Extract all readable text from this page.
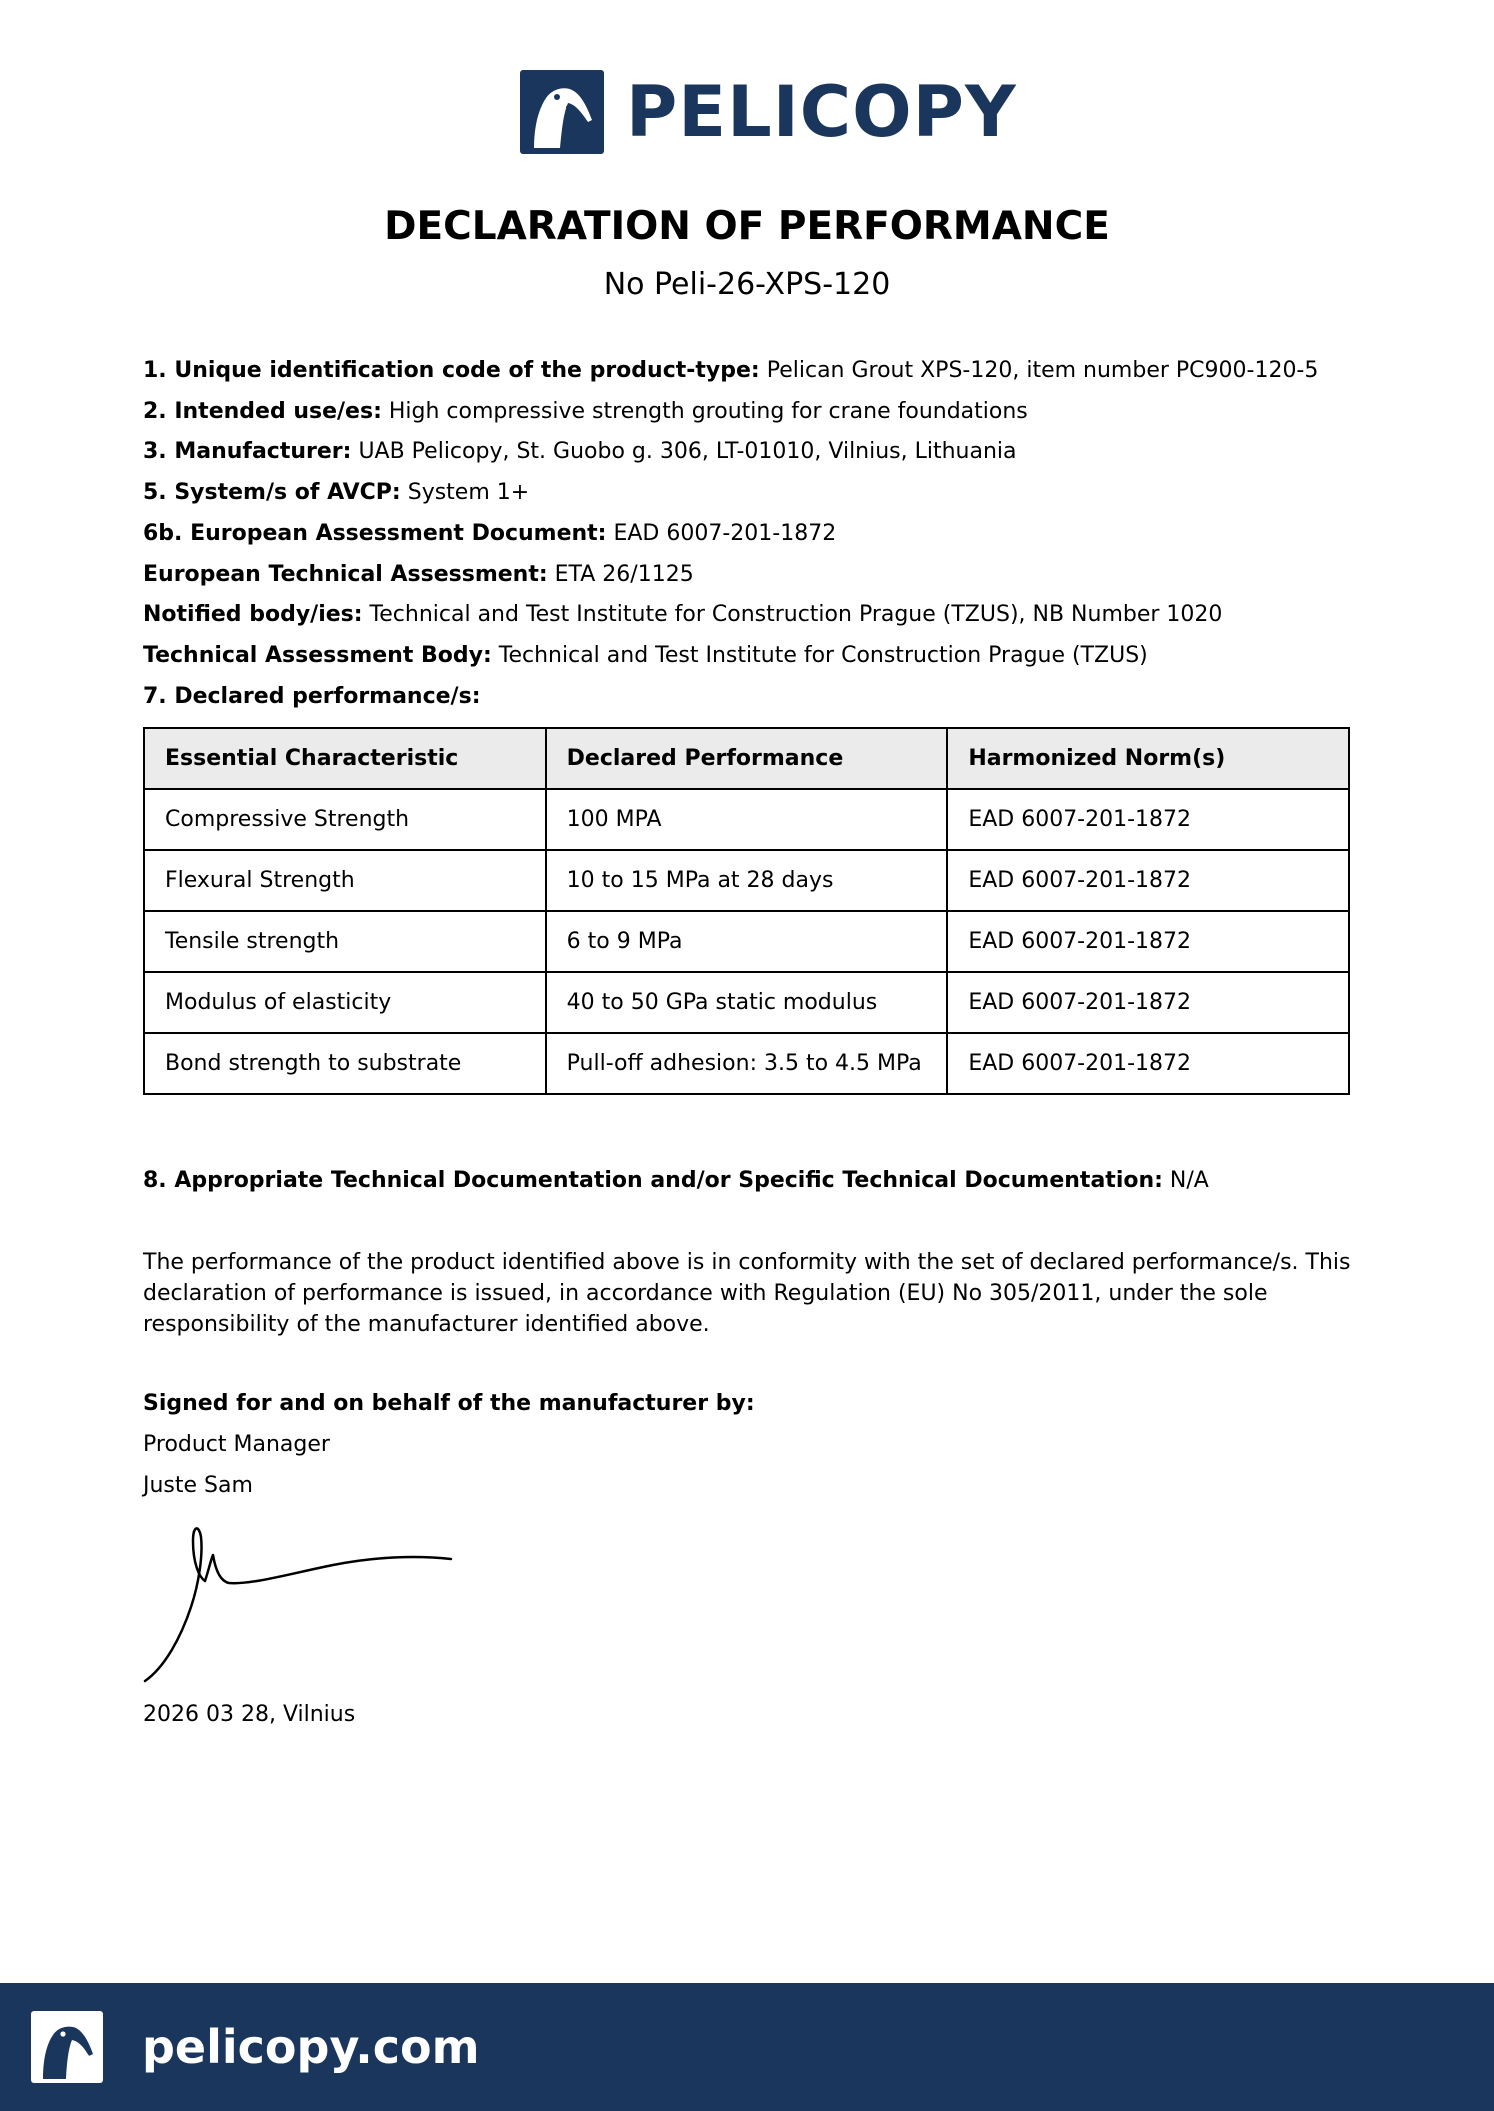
PELICOPY
DECLARATION OF PERFORMANCE
No Peli-26-XPS-120
1. Unique identification code of the product-type: Pelican Grout XPS-120, item number PC900-120-5
2. Intended use/es: High compressive strength grouting for crane foundations
3. Manufacturer: UAB Pelicopy, St. Guobo g. 306, LT-01010, Vilnius, Lithuania
5. System/s of AVCP: System 1+
6b. European Assessment Document: EAD 6007-201-1872
European Technical Assessment: ETA 26/1125
Notified body/ies: Technical and Test Institute for Construction Prague (TZUS), NB Number 1020
Technical Assessment Body: Technical and Test Institute for Construction Prague (TZUS)
7. Declared performance/s:
Essential Characteristic	Declared Performance	Harmonized Norm(s)
Compressive Strength	100 MPA	EAD 6007-201-1872
Flexural Strength	10 to 15 MPa at 28 days	EAD 6007-201-1872
Tensile strength	6 to 9 MPa	EAD 6007-201-1872
Modulus of elasticity	40 to 50 GPa static modulus	EAD 6007-201-1872
Bond strength to substrate	Pull-off adhesion: 3.5 to 4.5 MPa	EAD 6007-201-1872
8. Appropriate Technical Documentation and/or Specific Technical Documentation: N/A
The performance of the product identified above is in conformity with the set of declared performance/s. This declaration of performance is issued, in accordance with Regulation (EU) No 305/2011, under the sole responsibility of the manufacturer identified above.
Signed for and on behalf of the manufacturer by:
Product Manager
Juste Sam
2026 03 28, Vilnius
pelicopy.com
